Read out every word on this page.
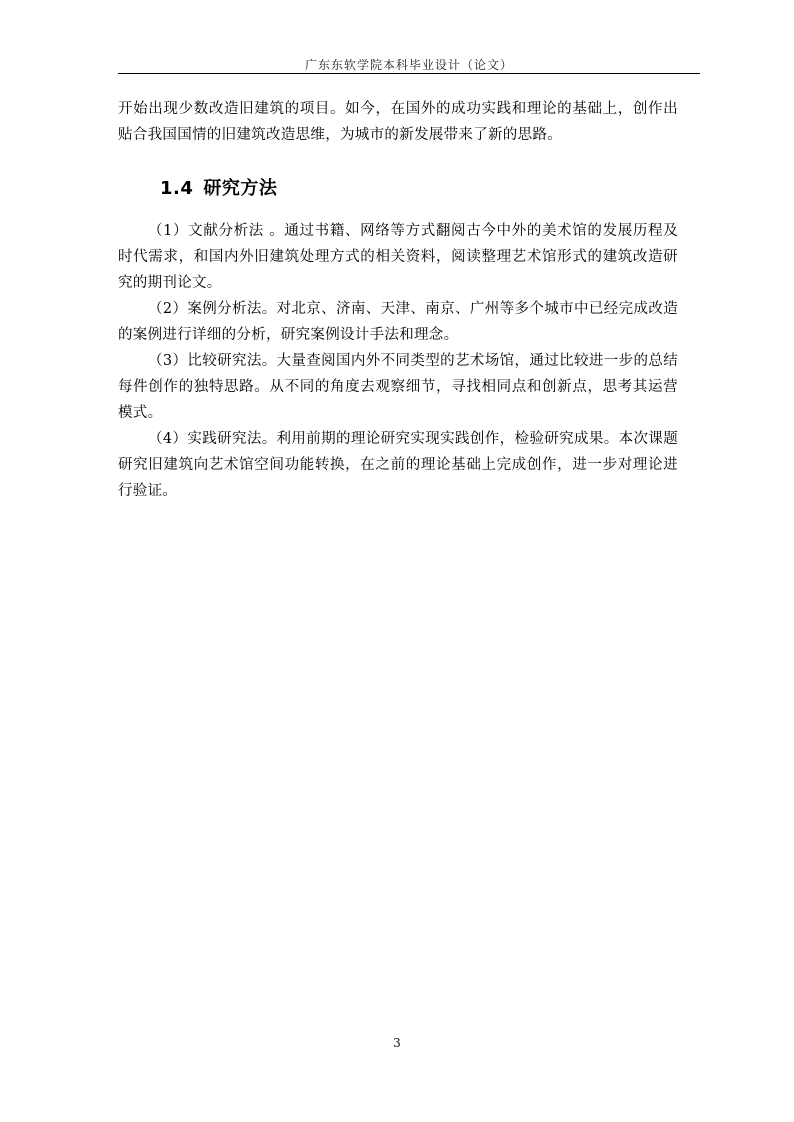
广东东软学院本科毕业设计（论文）

开始出现少数改造旧建筑的项目。如今，在国外的成功实践和理论的基础上，创作出贴合我国国情的旧建筑改造思维，为城市的新发展带来了新的思路。

1.4 研究方法

（1）文献分析法 。通过书籍、网络等方式翻阅古今中外的美术馆的发展历程及时代需求，和国内外旧建筑处理方式的相关资料，阅读整理艺术馆形式的建筑改造研究的期刊论文。

（2）案例分析法。对北京、济南、天津、南京、广州等多个城市中已经完成改造的案例进行详细的分析，研究案例设计手法和理念。

（3）比较研究法。大量查阅国内外不同类型的艺术场馆，通过比较进一步的总结每件创作的独特思路。从不同的角度去观察细节，寻找相同点和创新点，思考其运营模式。

（4）实践研究法。利用前期的理论研究实现实践创作，检验研究成果。本次课题研究旧建筑向艺术馆空间功能转换，在之前的理论基础上完成创作，进一步对理论进行验证。

3
